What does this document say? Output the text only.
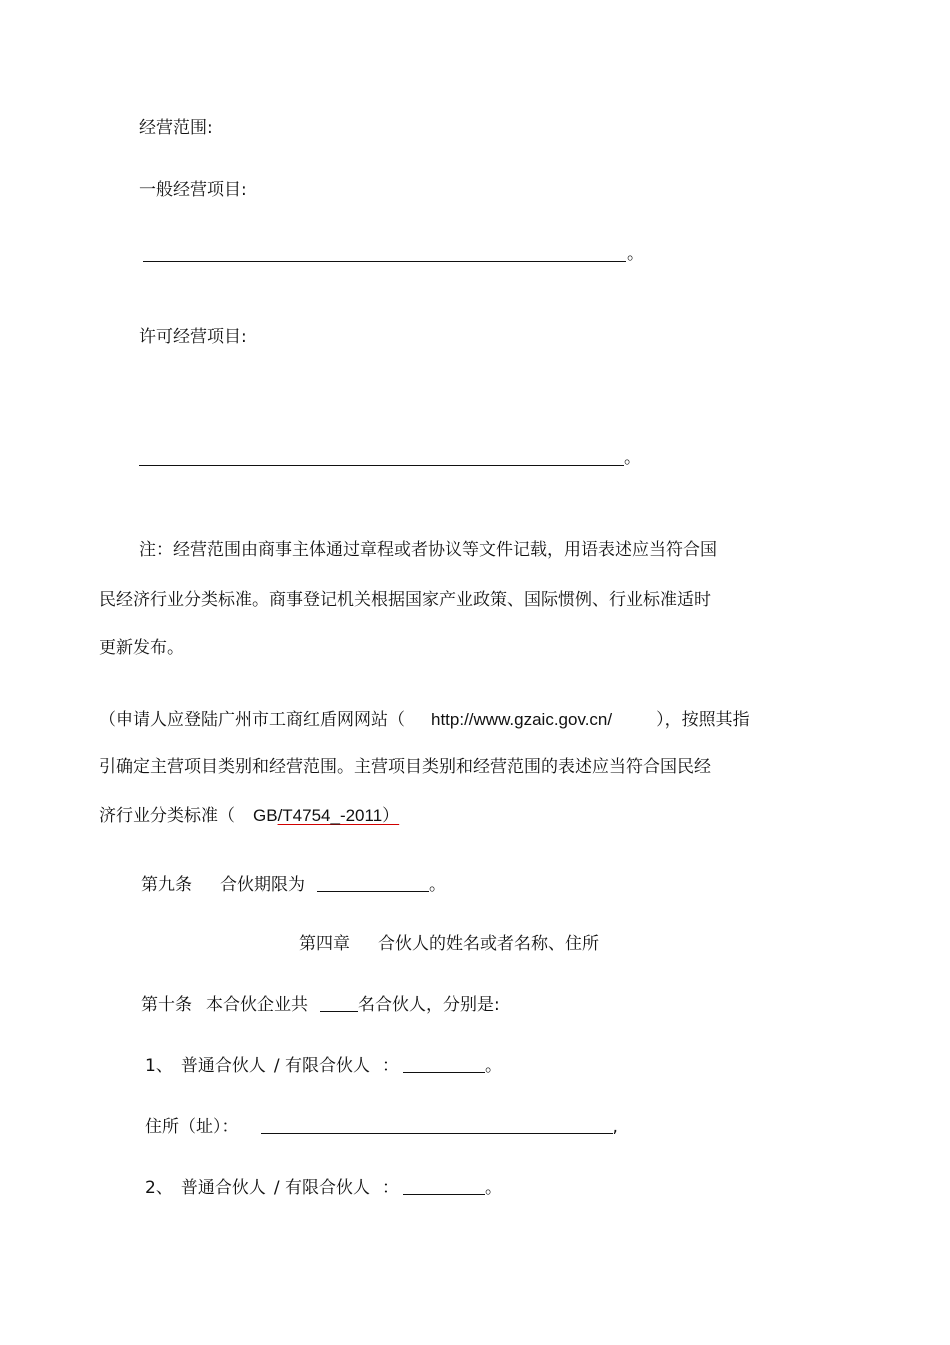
经营范围:
一般经营项目:
。
许可经营项目:
。
注：经营范围由商事主体通过章程或者协议等文件记载，用语表述应当符合国
民经济行业分类标准。商事登记机关根据国家产业政策、国际惯例、行业标准适时
更新发布。
（申请人应登陆广州市工商红盾网网站（ http://www.gzaic.gov.cn/	），按照其指
引确定主营项目类别和经营范围。主营项目类别和经营范围的表述应当符合国民经
济行业分类标准（ GB/T4754_-2011）
第九条 合伙期限为	。
第四章 合伙人的姓名或者名称、住所
第十条 本合伙企业共	名合伙人，分别是:
1、 普通合伙人 / 有限合伙人 ：	。
住所（址）：	,
2、 普通合伙人 / 有限合伙人 ：	。
